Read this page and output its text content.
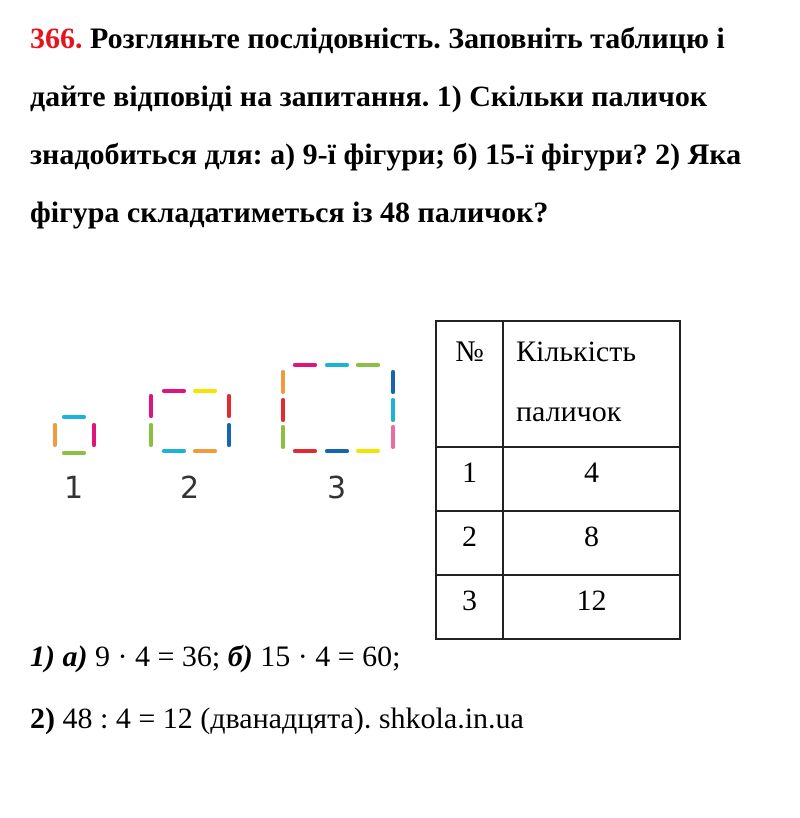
366. Розгляньте послідовність. Заповніть таблицю і дайте відповіді на запитання. 1) Скільки паличок знадобиться для: а) 9-ї фігури; б) 15-ї фігури? 2) Яка фігура складатиметься із 48 паличок?
1	2	3
№	Кількість
паличок

1	4
2	8
3	12
1) а) 9 · 4 = 36; б) 15 · 4 = 60;
2) 48 : 4 = 12 (дванадцята). shkola.in.ua
